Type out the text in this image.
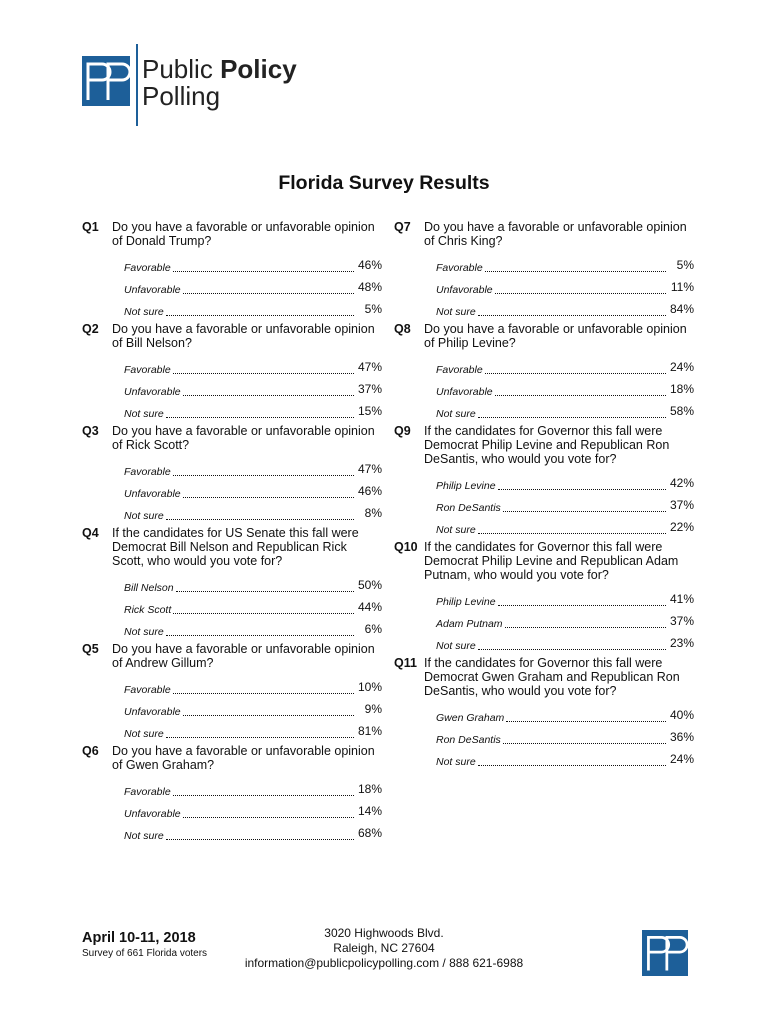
Public Policy
Polling
Florida Survey Results
Q1	Do you have a favorable or unfavorable opinion of Donald Trump?
Favorable	46%
Unfavorable	48%
Not sure	5%
Q2	Do you have a favorable or unfavorable opinion of Bill Nelson?
Favorable	47%
Unfavorable	37%
Not sure	15%
Q3	Do you have a favorable or unfavorable opinion of Rick Scott?
Favorable	47%
Unfavorable	46%
Not sure	8%
Q4	If the candidates for US Senate this fall were Democrat Bill Nelson and Republican Rick Scott, who would you vote for?
Bill Nelson	50%
Rick Scott	44%
Not sure	6%
Q5	Do you have a favorable or unfavorable opinion of Andrew Gillum?
Favorable	10%
Unfavorable	9%
Not sure	81%
Q6	Do you have a favorable or unfavorable opinion of Gwen Graham?
Favorable	18%
Unfavorable	14%
Not sure	68%
Q7	Do you have a favorable or unfavorable opinion of Chris King?
Favorable	5%
Unfavorable	11%
Not sure	84%
Q8	Do you have a favorable or unfavorable opinion of Philip Levine?
Favorable	24%
Unfavorable	18%
Not sure	58%
Q9	If the candidates for Governor this fall were Democrat Philip Levine and Republican Ron DeSantis, who would you vote for?
Philip Levine	42%
Ron DeSantis	37%
Not sure	22%
Q10 If the candidates for Governor this fall were Democrat Philip Levine and Republican Adam Putnam, who would you vote for?
Philip Levine	41%
Adam Putnam	37%
Not sure	23%
Q11 If the candidates for Governor this fall were Democrat Gwen Graham and Republican Ron DeSantis, who would you vote for?
Gwen Graham	40%
Ron DeSantis	36%
Not sure	24%
April 10-11, 2018
Survey of 661 Florida voters
3020 Highwoods Blvd.
Raleigh, NC 27604
information@publicpolicypolling.com / 888 621-6988
